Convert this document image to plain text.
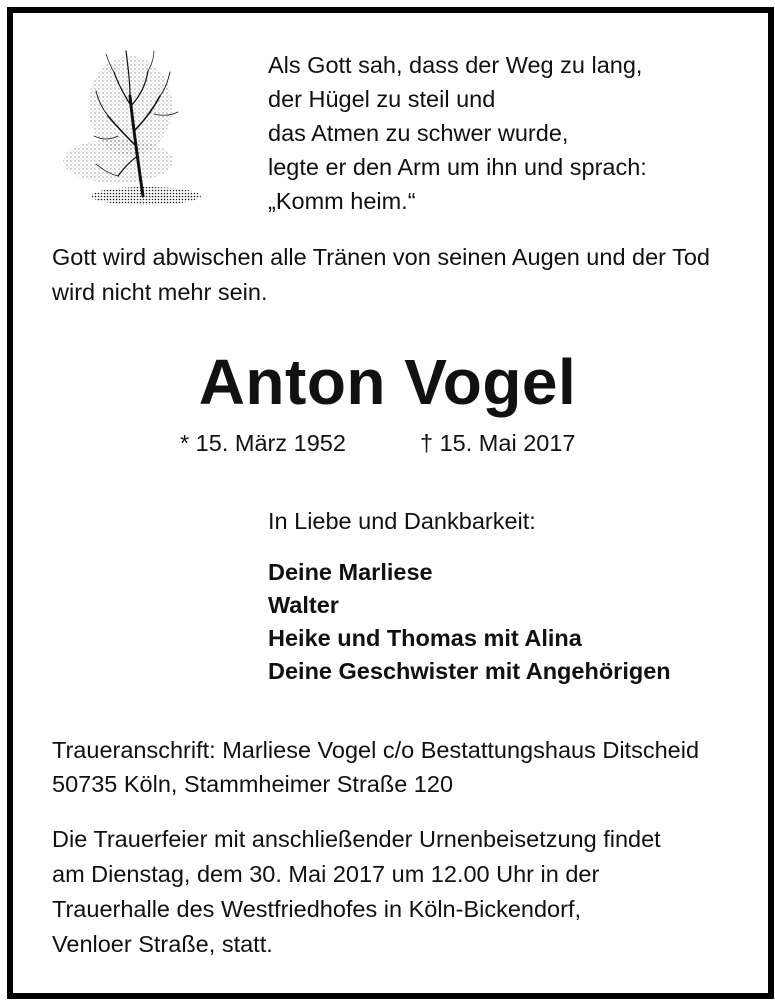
Als Gott sah, dass der Weg zu lang,
der Hügel zu steil und
das Atmen zu schwer wurde,
legte er den Arm um ihn und sprach:
„Komm heim.“
Gott wird abwischen alle Tränen von seinen Augen und der Tod wird nicht mehr sein.
Anton Vogel
* 15. März 1952	† 15. Mai 2017
In Liebe und Dankbarkeit:
Deine Marliese
Walter
Heike und Thomas mit Alina
Deine Geschwister mit Angehörigen
Traueranschrift: Marliese Vogel c/o Bestattungshaus Ditscheid
50735 Köln, Stammheimer Straße 120
Die Trauerfeier mit anschließender Urnenbeisetzung findet
am Dienstag, dem 30. Mai 2017 um 12.00 Uhr in der
Trauerhalle des Westfriedhofes in Köln-Bickendorf,
Venloer Straße, statt.
